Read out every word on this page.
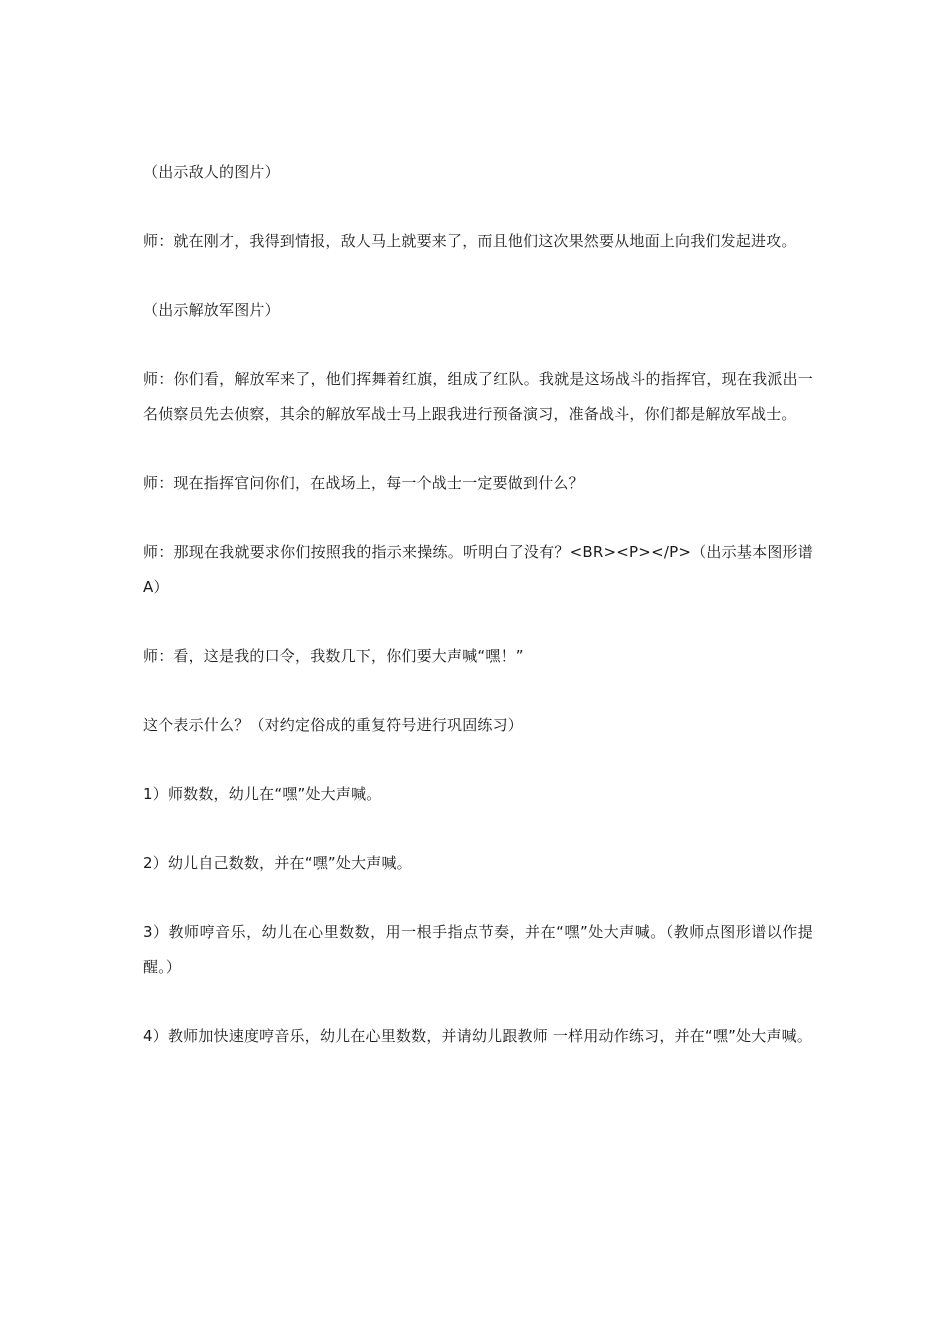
（出示敌人的图片）

师：就在刚才，我得到情报，敌人马上就要来了，而且他们这次果然要从地面上向我们发起进攻。

（出示解放军图片）

师：你们看，解放军来了，他们挥舞着红旗，组成了红队。我就是这场战斗的指挥官，现在我派出一名侦察员先去侦察，其余的解放军战士马上跟我进行预备演习，准备战斗，你们都是解放军战士。

师：现在指挥官问你们，在战场上，每一个战士一定要做到什么？

师：那现在我就要求你们按照我的指示来操练。听明白了没有？<BR><P></P>（出示基本图形谱 A）

师：看，这是我的口令，我数几下，你们要大声喊“嘿！”

这个表示什么？（对约定俗成的重复符号进行巩固练习）

1）师数数，幼儿在“嘿”处大声喊。

2）幼儿自己数数，并在“嘿”处大声喊。

3）教师哼音乐，幼儿在心里数数，用一根手指点节奏，并在“嘿”处大声喊。（教师点图形谱以作提醒。）

4）教师加快速度哼音乐，幼儿在心里数数，并请幼儿跟教师 一样用动作练习，并在“嘿”处大声喊。
